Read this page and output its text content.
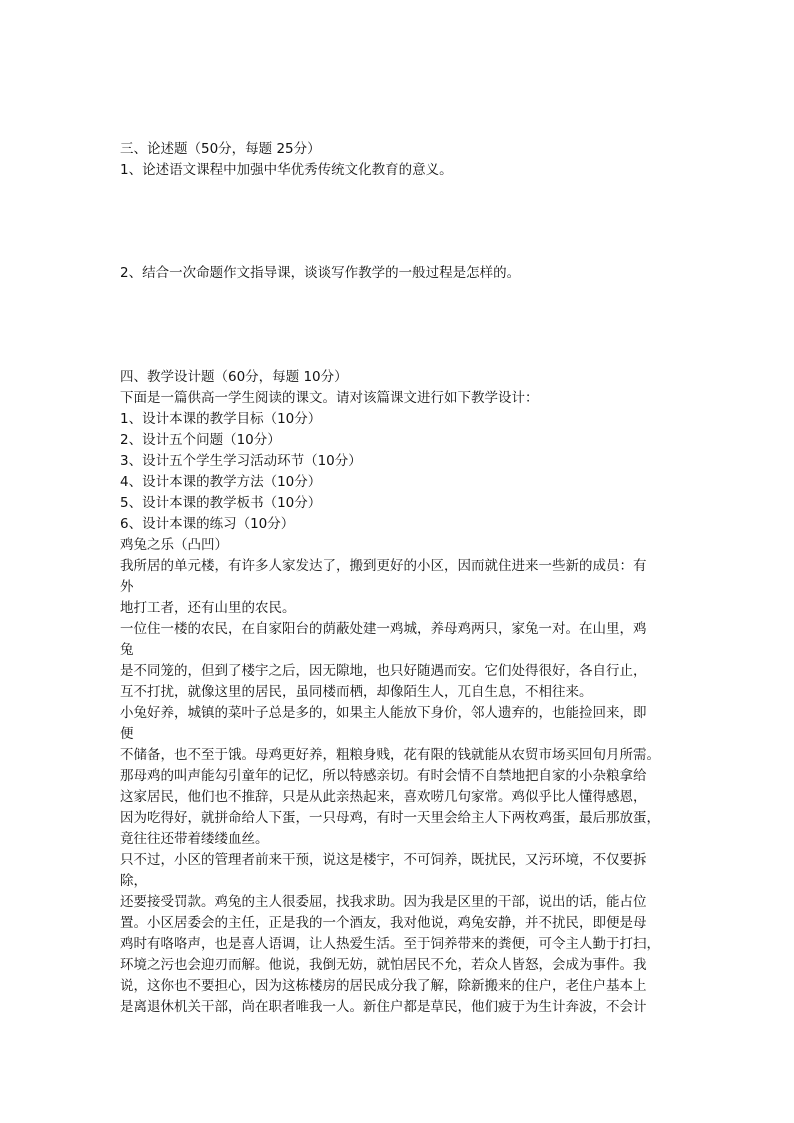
三、论述题（50分，每题 25分）
1、论述语文课程中加强中华优秀传统文化教育的意义。
2、结合一次命题作文指导课，谈谈写作教学的一般过程是怎样的。
四、教学设计题（60分，每题 10分）
下面是一篇供高一学生阅读的课文。请对该篇课文进行如下教学设计：
1、设计本课的教学目标（10分）
2、设计五个问题（10分）
3、设计五个学生学习活动环节（10分）
4、设计本课的教学方法（10分）
5、设计本课的教学板书（10分）
6、设计本课的练习（10分）
鸡兔之乐（凸凹）
我所居的单元楼，有许多人家发达了，搬到更好的小区，因而就住进来一些新的成员：有
外
地打工者，还有山里的农民。
一位住一楼的农民，在自家阳台的荫蔽处建一鸡城，养母鸡两只，家兔一对。在山里，鸡
兔
是不同笼的，但到了楼宇之后，因无隙地，也只好随遇而安。它们处得很好，各自行止，
互不打扰，就像这里的居民，虽同楼而栖，却像陌生人，兀自生息，不相往来。
小兔好养，城镇的菜叶子总是多的，如果主人能放下身价，邻人遗弃的，也能捡回来，即
便
不储备，也不至于饿。母鸡更好养，粗粮身贱，花有限的钱就能从农贸市场买回旬月所需。
那母鸡的叫声能勾引童年的记忆，所以特感亲切。有时会情不自禁地把自家的小杂粮拿给
这家居民，他们也不推辞，只是从此亲热起来，喜欢唠几句家常。鸡似乎比人懂得感恩，
因为吃得好，就拼命给人下蛋，一只母鸡，有时一天里会给主人下两枚鸡蛋，最后那放蛋，
竟往往还带着缕缕血丝。
只不过，小区的管理者前来干预，说这是楼宇，不可饲养，既扰民，又污环境，不仅要拆
除，
还要接受罚款。鸡兔的主人很委屈，找我求助。因为我是区里的干部，说出的话，能占位
置。小区居委会的主任，正是我的一个酒友，我对他说，鸡兔安静，并不扰民，即便是母
鸡时有咯咯声，也是喜人语调，让人热爱生活。至于饲养带来的粪便，可令主人勤于打扫，
环境之污也会迎刃而解。他说，我倒无妨，就怕居民不允，若众人皆怒，会成为事件。我
说，这你也不要担心，因为这栋楼房的居民成分我了解，除新搬来的住户，老住户基本上
是离退休机关干部，尚在职者唯我一人。新住户都是草民，他们疲于为生计奔波，不会计
